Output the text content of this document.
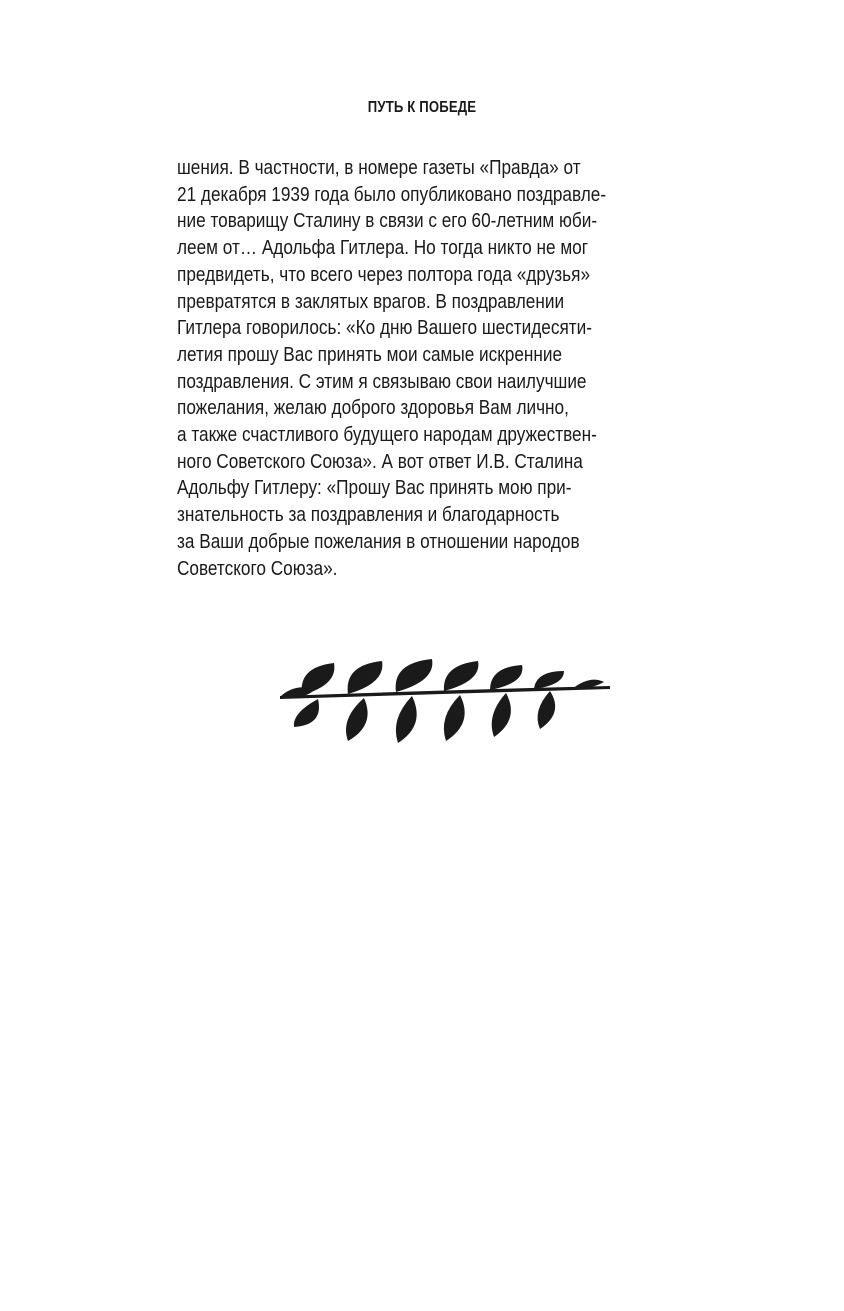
ПУТЬ К ПОБЕДЕ
шения. В частности, в номере газеты «Правда» от
21 декабря 1939 года было опубликовано поздравле-
ние товарищу Сталину в связи с его 60-летним юби-
леем от… Адольфа Гитлера. Но тогда никто не мог
предвидеть, что всего через полтора года «друзья»
превратятся в заклятых врагов. В поздравлении
Гитлера говорилось: «Ко дню Вашего шестидесяти-
летия прошу Вас принять мои самые искренние
поздравления. С этим я связываю свои наилучшие
пожелания, желаю доброго здоровья Вам лично,
а также счастливого будущего народам дружествен-
ного Советского Союза». А вот ответ И.В. Сталина
Адольфу Гитлеру: «Прошу Вас принять мою при-
знательность за поздравления и благодарность
за Ваши добрые пожелания в отношении народов
Советского Союза».
